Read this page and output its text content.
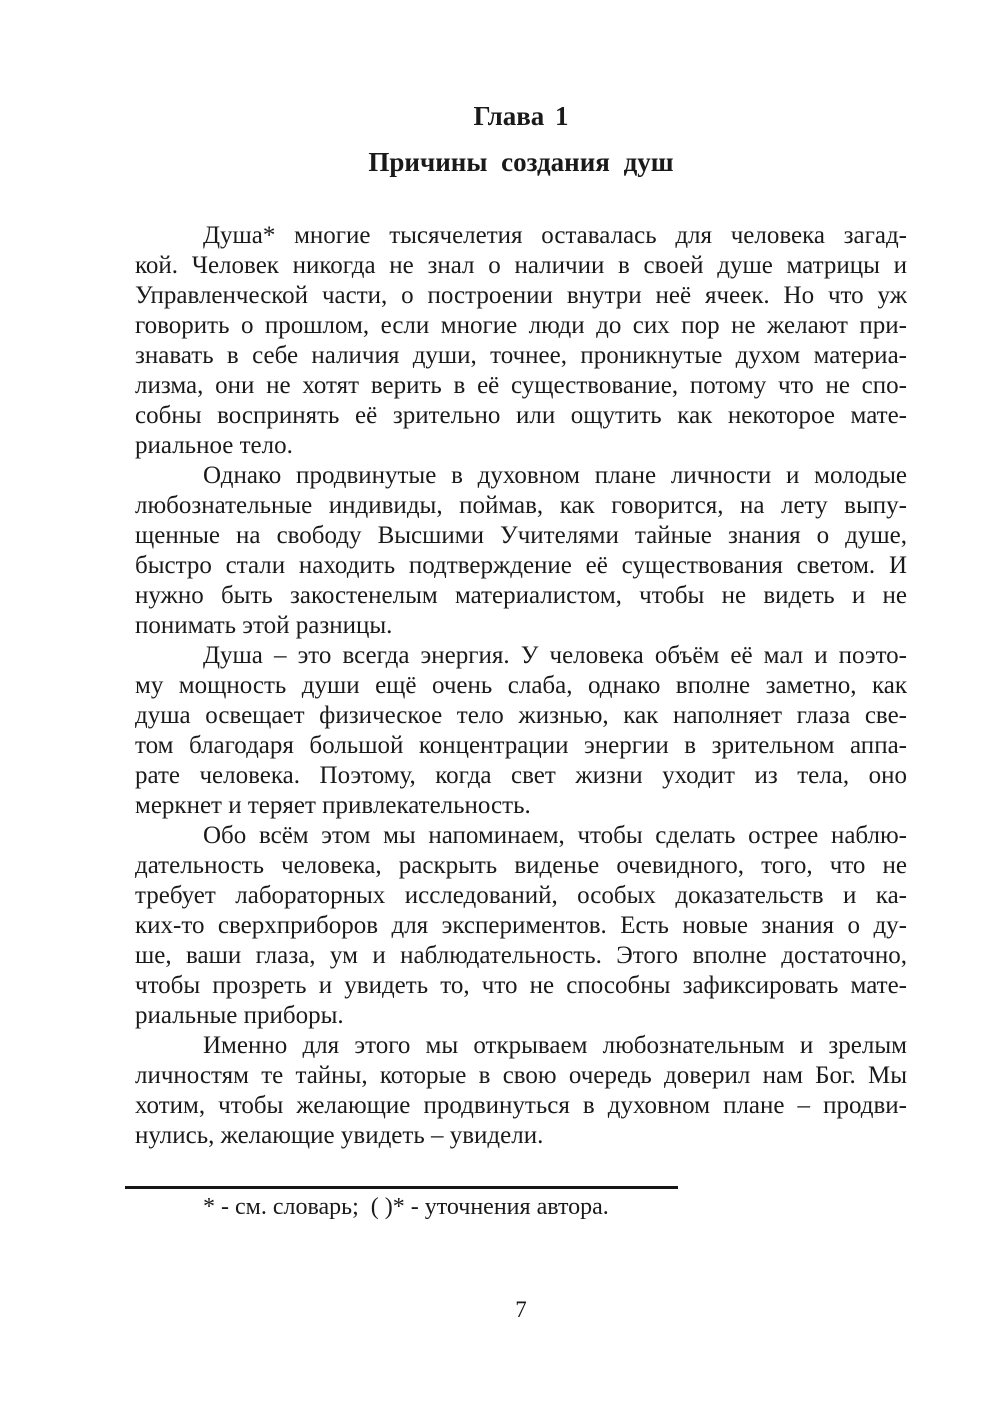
Глава 1
Причины создания душ
Душа* многие тысячелетия оставалась для человека загад-
кой. Человек никогда не знал о наличии в своей душе матрицы и
Управленческой части, о построении внутри неё ячеек. Но что уж
говорить о прошлом, если многие люди до сих пор не желают при-
знавать в себе наличия души, точнее, проникнутые духом материа-
лизма, они не хотят верить в её существование, потому что не спо-
собны воспринять её зрительно или ощутить как некоторое мате-
риальное тело.
Однако продвинутые в духовном плане личности и молодые
любознательные индивиды, поймав, как говорится, на лету выпу-
щенные на свободу Высшими Учителями тайные знания о душе,
быстро стали находить подтверждение её существования светом. И
нужно быть закостенелым материалистом, чтобы не видеть и не
понимать этой разницы.
Душа – это всегда энергия. У человека объём её мал и поэто-
му мощность души ещё очень слаба, однако вполне заметно, как
душа освещает физическое тело жизнью, как наполняет глаза све-
том благодаря большой концентрации энергии в зрительном аппа-
рате человека. Поэтому, когда свет жизни уходит из тела, оно
меркнет и теряет привлекательность.
Обо всём этом мы напоминаем, чтобы сделать острее наблю-
дательность человека, раскрыть виденье очевидного, того, что не
требует лабораторных исследований, особых доказательств и ка-
ких-то сверхприборов для экспериментов. Есть новые знания о ду-
ше, ваши глаза, ум и наблюдательность. Этого вполне достаточно,
чтобы прозреть и увидеть то, что не способны зафиксировать мате-
риальные приборы.
Именно для этого мы открываем любознательным и зрелым
личностям те тайны, которые в свою очередь доверил нам Бог. Мы
хотим, чтобы желающие продвинуться в духовном плане – продви-
нулись, желающие увидеть – увидели.
* - см. словарь;  ( )* - уточнения автора.
7
